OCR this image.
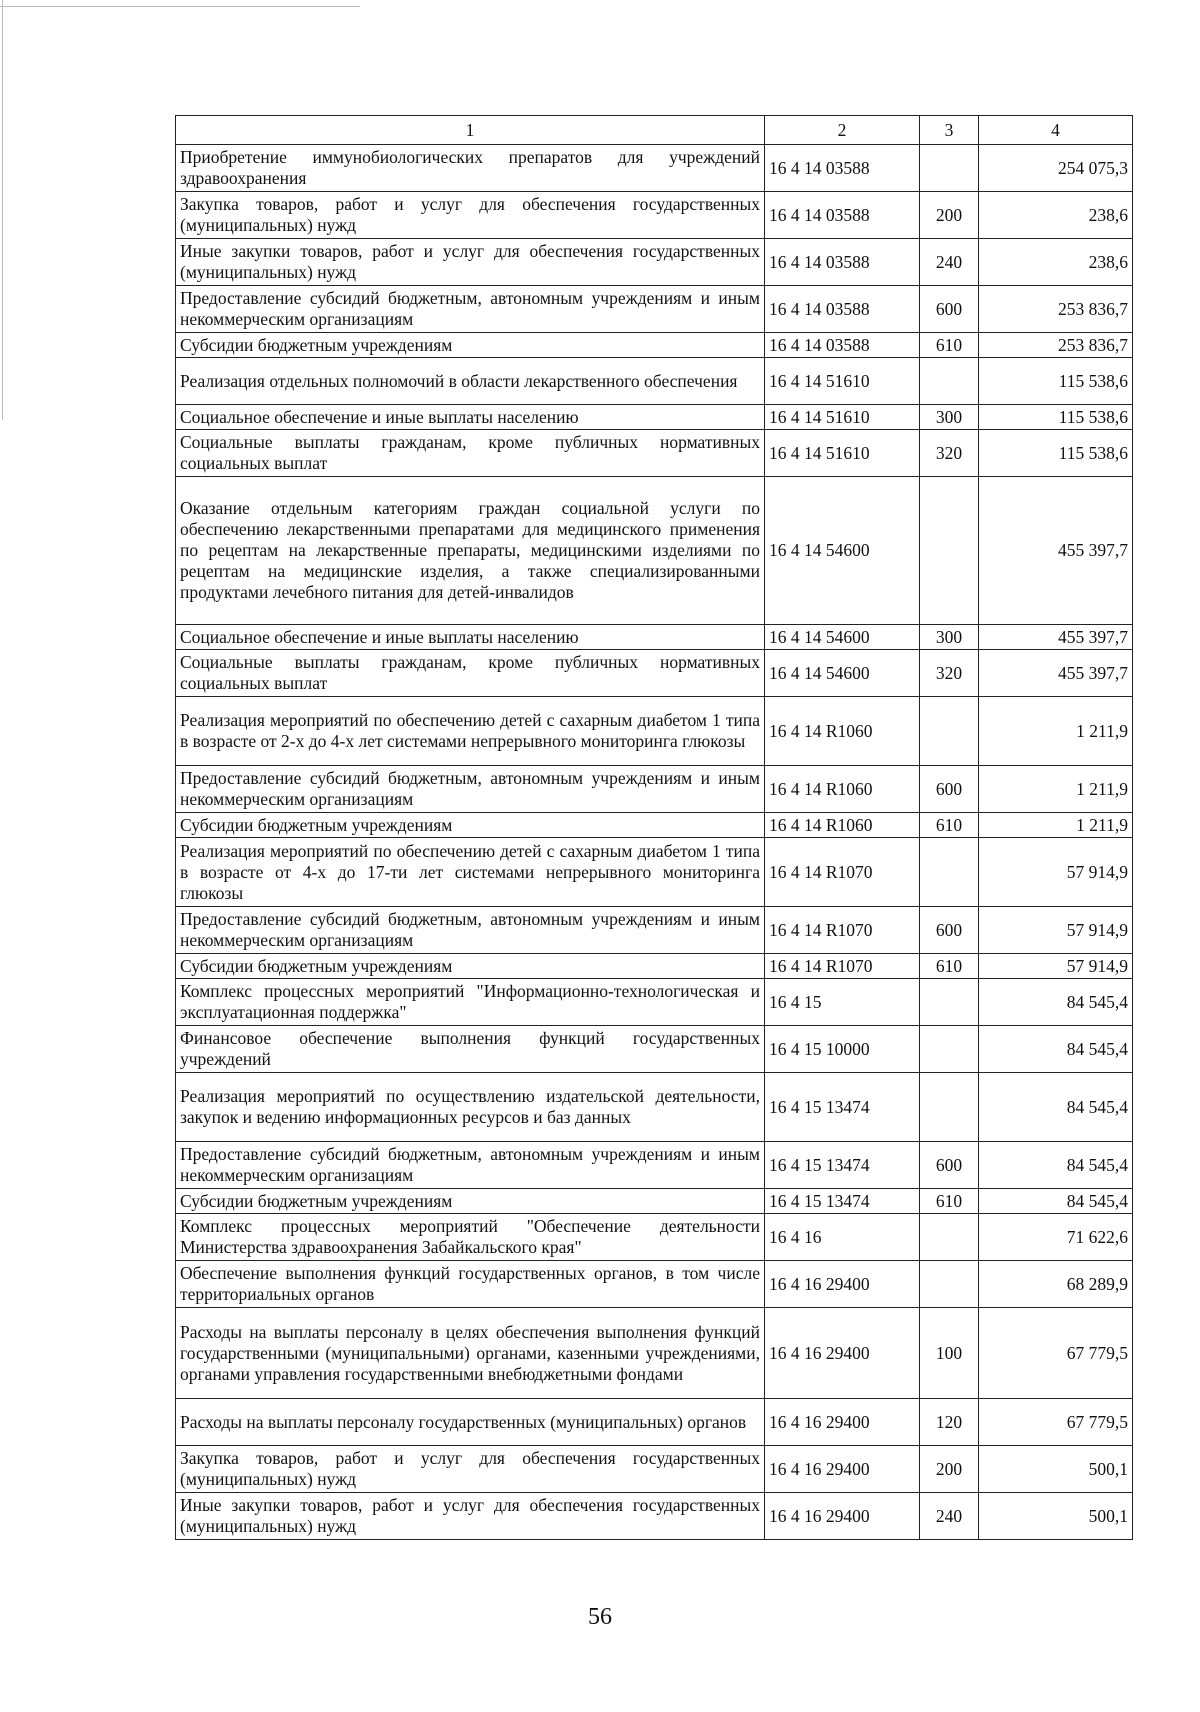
1	2	3	4
Приобретение иммунобиологических препаратов для учреждений здравоохранения	16 4 14 03588		254 075,3
Закупка товаров, работ и услуг для обеспечения государственных (муниципальных) нужд	16 4 14 03588	200	238,6
Иные закупки товаров, работ и услуг для обеспечения государственных (муниципальных) нужд	16 4 14 03588	240	238,6
Предоставление субсидий бюджетным, автономным учреждениям и иным некоммерческим организациям	16 4 14 03588	600	253 836,7
Субсидии бюджетным учреждениям	16 4 14 03588	610	253 836,7
Реализация отдельных полномочий в области лекарственного обеспечения	16 4 14 51610		115 538,6
Социальное обеспечение и иные выплаты населению	16 4 14 51610	300	115 538,6
Социальные выплаты гражданам, кроме публичных нормативных социальных выплат	16 4 14 51610	320	115 538,6
Оказание отдельным категориям граждан социальной услуги по обеспечению лекарственными препаратами для медицинского применения по рецептам на лекарственные препараты, медицинскими изделиями по рецептам на медицинские изделия, а также специализированными продуктами лечебного питания для детей-инвалидов	16 4 14 54600		455 397,7
Социальное обеспечение и иные выплаты населению	16 4 14 54600	300	455 397,7
Социальные выплаты гражданам, кроме публичных нормативных социальных выплат	16 4 14 54600	320	455 397,7
Реализация мероприятий по обеспечению детей с сахарным диабетом 1 типа в возрасте от 2-х до 4-х лет системами непрерывного мониторинга глюкозы	16 4 14 R1060		1 211,9
Предоставление субсидий бюджетным, автономным учреждениям и иным некоммерческим организациям	16 4 14 R1060	600	1 211,9
Субсидии бюджетным учреждениям	16 4 14 R1060	610	1 211,9
Реализация мероприятий по обеспечению детей с сахарным диабетом 1 типа в возрасте от 4-х до 17-ти лет системами непрерывного мониторинга глюкозы	16 4 14 R1070		57 914,9
Предоставление субсидий бюджетным, автономным учреждениям и иным некоммерческим организациям	16 4 14 R1070	600	57 914,9
Субсидии бюджетным учреждениям	16 4 14 R1070	610	57 914,9
Комплекс процессных мероприятий "Информационно-технологическая и эксплуатационная поддержка"	16 4 15		84 545,4
Финансовое обеспечение выполнения функций государственных учреждений	16 4 15 10000		84 545,4
Реализация мероприятий по осуществлению издательской деятельности, закупок и ведению информационных ресурсов и баз данных	16 4 15 13474		84 545,4
Предоставление субсидий бюджетным, автономным учреждениям и иным некоммерческим организациям	16 4 15 13474	600	84 545,4
Субсидии бюджетным учреждениям	16 4 15 13474	610	84 545,4
Комплекс процессных мероприятий "Обеспечение деятельности Министерства здравоохранения Забайкальского края"	16 4 16		71 622,6
Обеспечение выполнения функций государственных органов, в том числе территориальных органов	16 4 16 29400		68 289,9
Расходы на выплаты персоналу в целях обеспечения выполнения функций государственными (муниципальными) органами, казенными учреждениями, органами управления государственными внебюджетными фондами	16 4 16 29400	100	67 779,5
Расходы на выплаты персоналу государственных (муниципальных) органов	16 4 16 29400	120	67 779,5
Закупка товаров, работ и услуг для обеспечения государственных (муниципальных) нужд	16 4 16 29400	200	500,1
Иные закупки товаров, работ и услуг для обеспечения государственных (муниципальных) нужд	16 4 16 29400	240	500,1
56
